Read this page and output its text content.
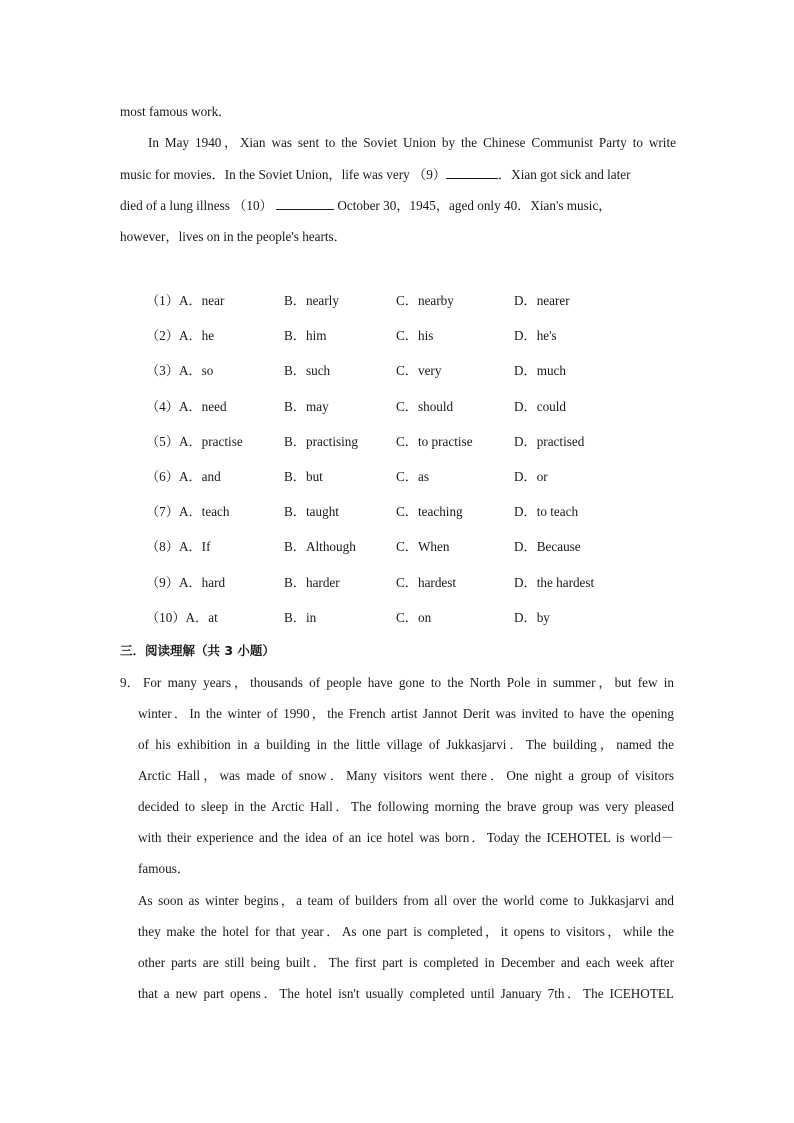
most famous work．
In May 1940，Xian was sent to the Soviet Union by the Chinese Communist Party to write
music for movies．In the Soviet Union，life was very （9）	．Xian got sick and later
died of a lung illness （10）	October 30，1945，aged only 40．Xian's music，
however，lives on in the people's hearts．
（1）A．near	B．nearly	C．nearby	D．nearer
（2）A．he	B．him	C．his	D．he's
（3）A．so	B．such	C．very	D．much
（4）A．need	B．may	C．should	D．could
（5）A．practise	B．practising	C．to practise	D．practised
（6）A．and	B．but	C．as	D．or
（7）A．teach	B．taught	C．teaching	D．to teach
（8）A．If	B．Although	C．When	D．Because
（9）A．hard	B．harder	C．hardest	D．the hardest
（10）A．at	B．in	C．on	D．by
三．阅读理解（共 3 小题）
9． For many years，thousands of people have gone to the North Pole in summer，but few in
winter．In the winter of 1990，the French artist Jannot Derit was invited to have the opening
of his exhibition in a building in the little village of Jukkasjarvi．The building，named the
Arctic Hall，was made of snow．Many visitors went there．One night a group of visitors
decided to sleep in the Arctic Hall．The following morning the brave group was very pleased
with their experience and the idea of an ice hotel was born．Today the ICEHOTEL is world－
famous．
As soon as winter begins，a team of builders from all over the world come to Jukkasjarvi and
they make the hotel for that year．As one part is completed，it opens to visitors，while the
other parts are still being built．The first part is completed in December and each week after
that a new part opens．The hotel isn't usually completed until January 7th．The ICEHOTEL
